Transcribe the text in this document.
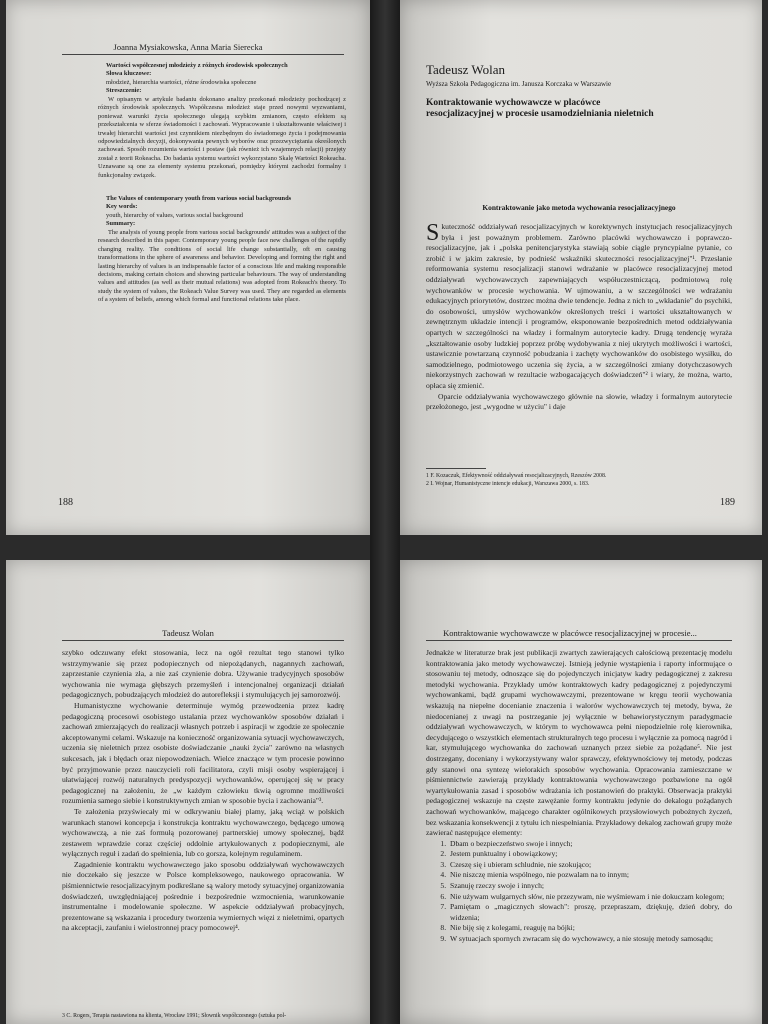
Joanna Mysiakowska, Anna Maria Sierecka
Wartości współczesnej młodzieży z różnych środowisk społecznych
Słowa kluczowe:
młodzież, hierarchia wartości, różne środowiska społeczne
Streszczenie:

W opisanym w artykule badaniu dokonano analizy przekonań młodzieży pochodzącej z różnych środowisk społecznych. Współczesna młodzież staje przed nowymi wyzwaniami, ponieważ warunki życia społecznego ulegają szybkim zmianom, często efektem są przekształcenia w sferze świadomości i zachowań. Wypracowanie i ukształtowanie właściwej i trwałej hierarchii wartości jest czynnikiem niezbędnym do świadomego życia i podejmowania odpowiedzialnych decyzji, dokonywania pewnych wyborów oraz przezwyciężania określonych zachowań. Sposób rozumienia wartości i postaw (jak również ich wzajemnych relacji) przejęty został z teorii Rokeacha. Do badania systemu wartości wykorzystano Skalę Wartości Rokeacha. Uznawane są one za elementy systemu przekonań, pomiędzy którymi zachodzi formalny i funkcjonalny związek.

The Values of contemporary youth from various social backgrounds
Key words:
youth, hierarchy of values, various social background
Summary:

The analysis of young people from various social backgrounds' attitudes was a subject of the research described in this paper. Contemporary young people face new challenges of the rapidly changing reality. The conditions of social life change substantially, oft en causing transformations in the sphere of awareness and behavior. Developing and forming the right and lasting hierarchy of values is an indispensable factor of a conscious life and making responsible decisions, making certain choices and showing particular behaviours. The way of understanding values and attitudes (as well as their mutual relations) was adopted from Rokeach's theory. To study the system of values, the Rokeach Value Survey was used. They are regarded as elements of a system of beliefs, among which formal and functional relations take place.

188
Tadeusz Wolan
Wyższa Szkoła Pedagogiczna im. Janusza Korczaka w Warszawie
Kontraktowanie wychowawcze w placówce
resocjalizacyjnej w procesie usamodzielniania nieletnich
Kontraktowanie jako metoda wychowania resocjalizacyjnego
S kuteczność oddziaływań resocjalizacyjnych w korektywnych instytucjach resocjalizacyjnych była i jest poważnym problemem. Zarówno placówki wychowawczo i poprawczo-resocjalizacyjne, jak i „polska penitencjarystyka stawiają sobie ciągle pryncypialne pytanie, co zrobić i w jakim zakresie, by podnieść wskaźniki skuteczności resocjalizacyjnej"¹. Przesłanie reformowania systemu resocjalizacji stanowi wdrażanie w placówce resocjalizacyjnej metod oddziaływań wychowawczych zapewniających współuczestniczącą, podmiotową rolę wychowanków w procesie wychowania. W ujmowaniu, a w szczególności we wdrażaniu edukacyjnych priorytetów, dostrzec można dwie tendencje. Jedna z nich to „wkładanie" do psychiki, do osobowości, umysłów wychowanków określonych treści i wartości ukształtowanych w zewnętrznym układzie intencji i programów, eksponowanie bezpośrednich metod oddziaływania opartych w szczególności na władzy i formalnym autorytecie kadry. Drugą tendencję wyraża „kształtowanie osoby ludzkiej poprzez próbę wydobywania z niej ukrytych możliwości i wartości, ustawicznie powtarzaną czynność pobudzania i zachęty wychowanków do osobistego wysiłku, do samodzielnego, podmiotowego uczenia się życia, a w szczególności zmiany dotychczasowych niekorzystnych zachowań w rezultacie wzbogacających doświadczeń"² i wiary, że można, warto, opłaca się zmienić.

Oparcie oddziaływania wychowawczego głównie na słowie, władzy i formalnym autorytecie przełożonego, jest „wygodne w użyciu" i daje

1 F. Kozaczuk, Efektywność oddziaływań resocjalizacyjnych, Rzeszów 2008.
2 I. Wojnar, Humanistyczne intencje edukacji, Warszawa 2000, s. 183.
189
Tadeusz Wolan
szybko odczuwany efekt stosowania, lecz na ogół rezultat tego stanowi tylko wstrzymywanie się przez podopiecznych od niepożądanych, nagannych zachowań, zaprzestanie czynienia zła, a nie zaś czynienie dobra. Używanie tradycyjnych sposobów wychowania nie wymaga głębszych przemyśleń i intencjonalnej organizacji działań pedagogicznych, pobudzających młodzież do autorefleksji i stymulujących jej samorozwój.

Humanistyczne wychowanie determinuje wymóg przewodzenia przez kadrę pedagogiczną procesowi osobistego ustalania przez wychowanków sposobów działań i zachowań zmierzających do realizacji własnych potrzeb i aspiracji w zgodzie ze społecznie akceptowanymi celami. Wskazuje na konieczność organizowania sytuacji wychowawczych, uczenia się nieletnich przez osobiste doświadczanie „nauki życia" zarówno na własnych sukcesach, jak i błędach oraz niepowodzeniach. Wielce znaczące w tym procesie powinno być przyjmowanie przez nauczycieli roli facilitatora, czyli misji osoby wspierającej i ułatwiającej rozwój naturalnych predyspozycji wychowanków, operującej się w pracy pedagogicznej na założeniu, że „w każdym człowieku tkwią ogromne możliwości rozumienia samego siebie i konstruktywnych zmian w sposobie bycia i zachowania"³.

Te założenia przyświecały mi w odkrywaniu białej plamy, jaką wciąż w polskich warunkach stanowi koncepcja i konstrukcja kontraktu wychowawczego, będącego umową wychowawczą, a nie zaś formułą pozorowanej partnerskiej umowy społecznej, bądź zestawem wprawdzie coraz częściej oddolnie artykułowanych z podopiecznymi, ale wyłącznych reguł i zadań do spełnienia, lub co gorsza, kolejnym regulaminem.

Zagadnienie kontraktu wychowawczego jako sposobu oddziaływań wychowawczych nie doczekało się jeszcze w Polsce kompleksowego, naukowego opracowania. W piśmiennictwie resocjalizacyjnym podkreślane są walory metody sytuacyjnej organizowania doświadczeń, uwzględniającej pośrednie i bezpośrednie wzmocnienia, warunkowanie instrumentalne i modelowanie społeczne. W aspekcie oddziaływań probacyjnych, prezentowane są wskazania i procedury tworzenia wymiernych więzi z nieletnimi, opartych na akceptacji, zaufaniu i wielostronnej pracy pomocowej⁴.

3 C. Rogers, Terapia nastawiona na klienta, Wrocław 1991; Słownik współczesnego (sztuka pol-
Kontraktowanie wychowawcze w placówce resocjalizacyjnej w procesie...
Jednakże w literaturze brak jest publikacji zwartych zawierających całościową prezentację modelu kontraktowania jako metody wychowawczej. Istnieją jedynie wystąpienia i raporty informujące o stosowaniu tej metody, odnoszące się do pojedynczych inicjatyw kadry pedagogicznej z zakresu metodyki wychowania. Przykłady umów kontraktowych kadry pedagogicznej z pojedynczymi wychowankami, bądź grupami wychowawczymi, prezentowane w kręgu teorii wychowania wskazują na niepełne docenianie znaczenia i walorów wychowawczych tej metody, bywa, że niedocenianej z uwagi na postrzeganie jej wyłącznie w behawiorystycznym paradygmacie oddziaływań wychowawczych, w którym to wychowawca pełni niepodzielnie rolę kierownika, decydującego o wszystkich elementach strukturalnych tego procesu i wyłącznie za pomocą nagród i kar, stymulującego wychowanka do zachowań uznanych przez siebie za pożądane⁵. Nie jest dostrzegany, doceniany i wykorzystywany walor sprawczy, efektywnościowy tej metody, podczas gdy stanowi ona syntezę wielorakich sposobów wychowania. Opracowania zamieszczane w piśmiennictwie zawierają przykłady kontraktowania wychowawczego pozbawione na ogół wyartykułowania zasad i sposobów wdrażania ich postanowień do praktyki. Obserwacja praktyki pedagogicznej wskazuje na częste zawężanie formy kontraktu jedynie do dekalogu pożądanych zachowań wychowanków, mającego charakter ogólnikowych przysłowiowych pobożnych życzeń, bez wskazania konsekwencji z tytułu ich niespełniania. Przykładowy dekalog zachowań grupy może zawierać następujące elementy:
1. Dbam o bezpieczeństwo swoje i innych;
2. Jestem punktualny i obowiązkowy;
3. Czeszę się i ubieram schludnie, nie szokująco;
4. Nie niszczę mienia wspólnego, nie pozwalam na to innym;
5. Szanuję rzeczy swoje i innych;
6. Nie używam wulgarnych słów, nie przezywam, nie wyśmiewam i nie dokuczam kolegom;
7. Pamiętam o „magicznych słowach": proszę, przepraszam, dziękuję, dzień dobry, do widzenia;
8. Nie biję się z kolegami, reaguję na bójki;
9. W sytuacjach spornych zwracam się do wychowawcy, a nie stosuję metody samosądu;
